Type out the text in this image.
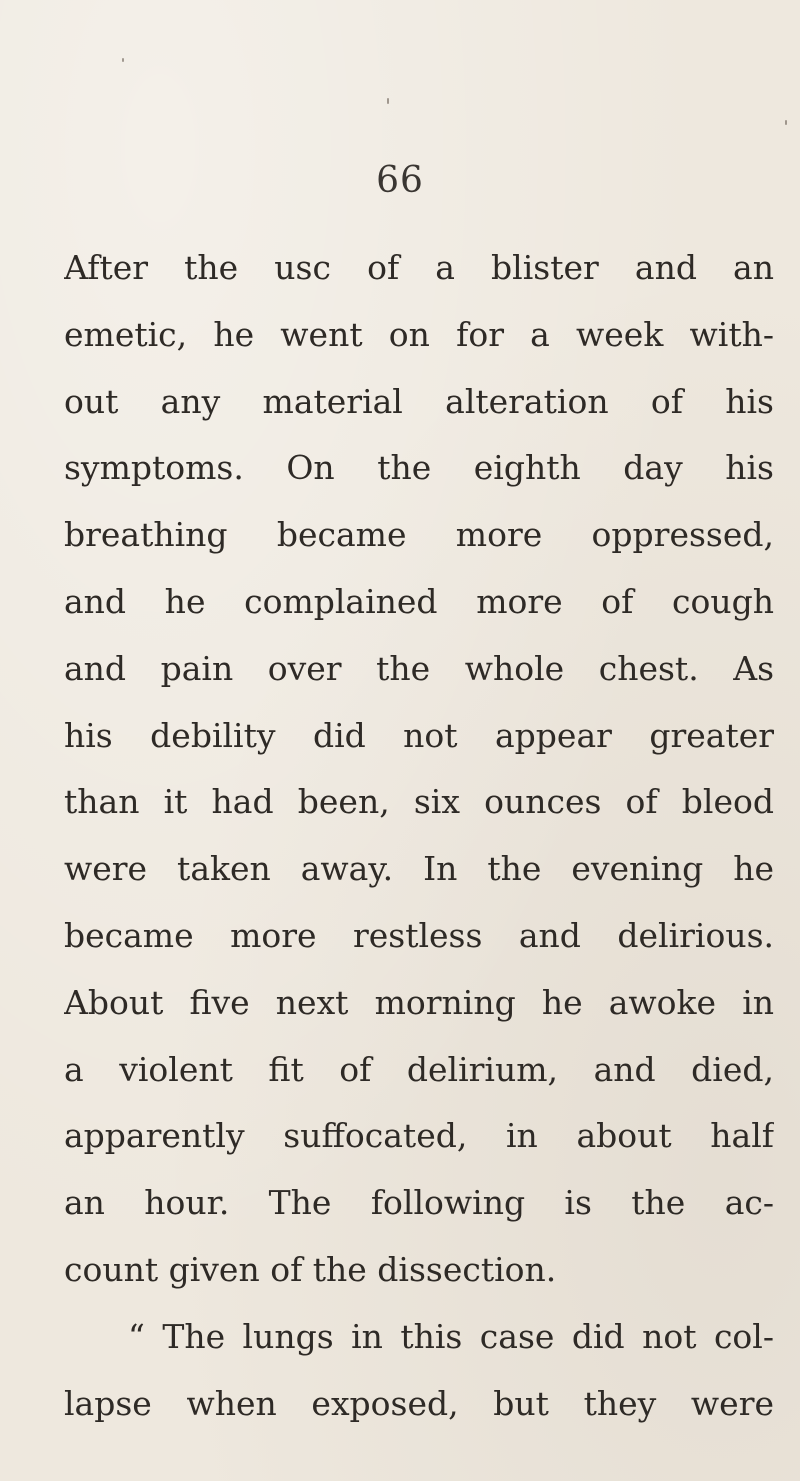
66
After the usc of a blister and an
emetic, he went on for a week with-
out any material alteration of his
symptoms. On the eighth day his
breathing became more oppressed,
and he complained more of cough
and pain over the whole chest. As
his debility did not appear greater
than it had been, six ounces of bleod
were taken away. In the evening he
became more restless and delirious.
About five next morning he awoke in
a violent fit of delirium, and died,
apparently suffocated, in about half
an hour. The following is the ac-
count given of the dissection.
“ The lungs in this case did not col-
lapse when exposed, but they were
